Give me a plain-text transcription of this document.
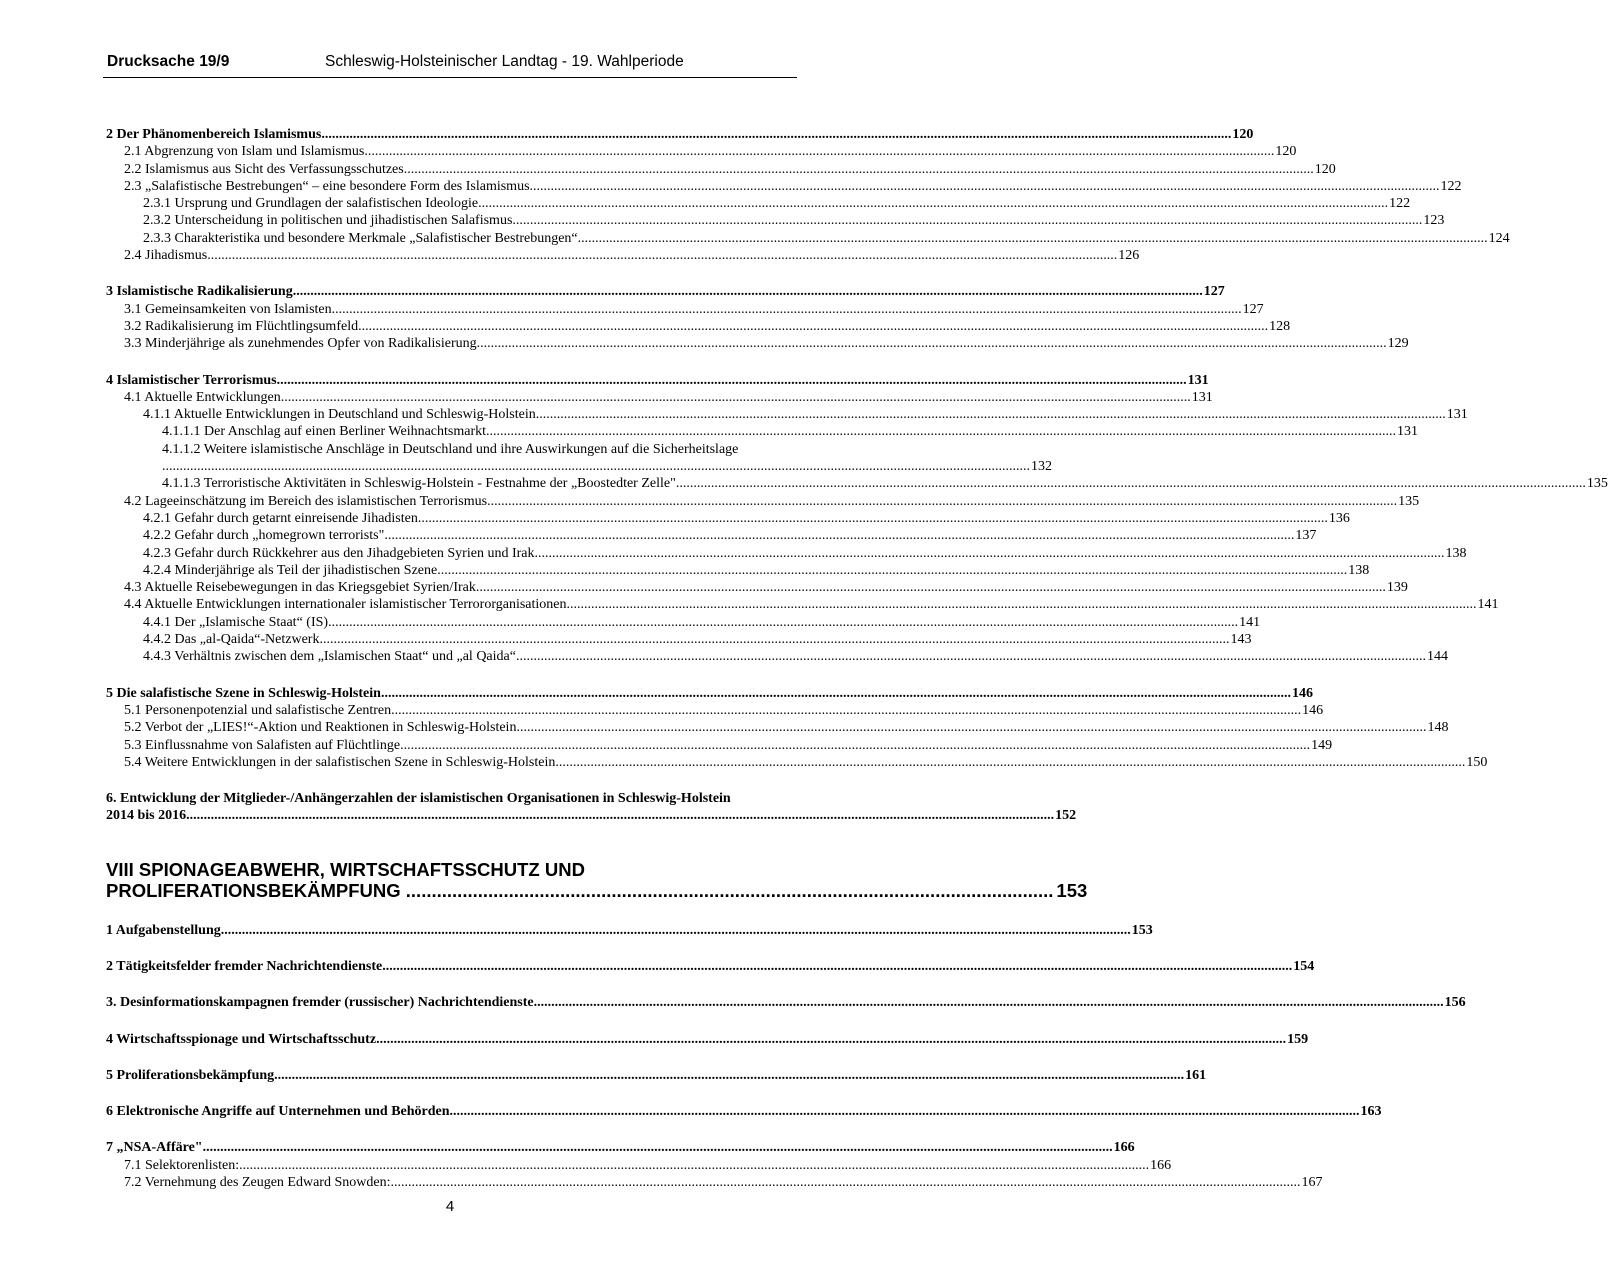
Drucksache 19/9	Schleswig-Holsteinischer Landtag - 19. Wahlperiode
2 Der Phänomenbereich Islamismus .................................................................................................................................................................................................................................................................... 120
2.1 Abgrenzung von Islam und Islamismus .................................................................................................................................................................................................................................................................... 120
2.2 Islamismus aus Sicht des Verfassungsschutzes .................................................................................................................................................................................................................................................................... 120
2.3 „Salafistische Bestrebungen“ – eine besondere Form des Islamismus .................................................................................................................................................................................................................................................................... 122
2.3.1 Ursprung und Grundlagen der salafistischen Ideologie .................................................................................................................................................................................................................................................................... 122
2.3.2 Unterscheidung in politischen und jihadistischen Salafismus .................................................................................................................................................................................................................................................................... 123
2.3.3 Charakteristika und besondere Merkmale „Salafistischer Bestrebungen“ .................................................................................................................................................................................................................................................................... 124
2.4 Jihadismus .................................................................................................................................................................................................................................................................... 126
3 Islamistische Radikalisierung .................................................................................................................................................................................................................................................................... 127
3.1 Gemeinsamkeiten von Islamisten .................................................................................................................................................................................................................................................................... 127
3.2 Radikalisierung im Flüchtlingsumfeld .................................................................................................................................................................................................................................................................... 128
3.3 Minderjährige als zunehmendes Opfer von Radikalisierung .................................................................................................................................................................................................................................................................... 129
4 Islamistischer Terrorismus .................................................................................................................................................................................................................................................................... 131
4.1 Aktuelle Entwicklungen .................................................................................................................................................................................................................................................................... 131
4.1.1 Aktuelle Entwicklungen in Deutschland und Schleswig-Holstein .................................................................................................................................................................................................................................................................... 131
4.1.1.1 Der Anschlag auf einen Berliner Weihnachtsmarkt .................................................................................................................................................................................................................................................................... 131
4.1.1.2 Weitere islamistische Anschläge in Deutschland und ihre Auswirkungen auf die Sicherheitslage
........................................................................................................................................................................................................................................................ 132
4.1.1.3 Terroristische Aktivitäten in Schleswig-Holstein - Festnahme der „Boostedter Zelle" .................................................................................................................................................................................................................................................................... 135
4.2 Lageeinschätzung im Bereich des islamistischen Terrorismus .................................................................................................................................................................................................................................................................... 135
4.2.1 Gefahr durch getarnt einreisende Jihadisten .................................................................................................................................................................................................................................................................... 136
4.2.2 Gefahr durch „homegrown terrorists" .................................................................................................................................................................................................................................................................... 137
4.2.3 Gefahr durch Rückkehrer aus den Jihadgebieten Syrien und Irak .................................................................................................................................................................................................................................................................... 138
4.2.4 Minderjährige als Teil der jihadistischen Szene .................................................................................................................................................................................................................................................................... 138
4.3 Aktuelle Reisebewegungen in das Kriegsgebiet Syrien/Irak .................................................................................................................................................................................................................................................................... 139
4.4 Aktuelle Entwicklungen internationaler islamistischer Terrororganisationen .................................................................................................................................................................................................................................................................... 141
4.4.1 Der „Islamische Staat“ (IS) .................................................................................................................................................................................................................................................................... 141
4.4.2 Das „al-Qaida“-Netzwerk .................................................................................................................................................................................................................................................................... 143
4.4.3 Verhältnis zwischen dem „Islamischen Staat“ und „al Qaida“ .................................................................................................................................................................................................................................................................... 144
5 Die salafistische Szene in Schleswig-Holstein .................................................................................................................................................................................................................................................................... 146
5.1 Personenpotenzial und salafistische Zentren .................................................................................................................................................................................................................................................................... 146
5.2 Verbot der „LIES!“-Aktion und Reaktionen in Schleswig-Holstein .................................................................................................................................................................................................................................................................... 148
5.3 Einflussnahme von Salafisten auf Flüchtlinge .................................................................................................................................................................................................................................................................... 149
5.4 Weitere Entwicklungen in der salafistischen Szene in Schleswig-Holstein .................................................................................................................................................................................................................................................................... 150
6. Entwicklung der Mitglieder-/Anhängerzahlen der islamistischen Organisationen in Schleswig-Holstein
2014 bis 2016 ........................................................................................................................................................................................................................................................ 152
VIII SPIONAGEABWEHR, WIRTSCHAFTSSCHUTZ UND
PROLIFERATIONSBEKÄMPFUNG .............................................................................................................................. 153
1 Aufgabenstellung .................................................................................................................................................................................................................................................................... 153
2 Tätigkeitsfelder fremder Nachrichtendienste .................................................................................................................................................................................................................................................................... 154
3. Desinformationskampagnen fremder (russischer) Nachrichtendienste .................................................................................................................................................................................................................................................................... 156
4 Wirtschaftsspionage und Wirtschaftsschutz .................................................................................................................................................................................................................................................................... 159
5 Proliferationsbekämpfung .................................................................................................................................................................................................................................................................... 161
6 Elektronische Angriffe auf Unternehmen und Behörden .................................................................................................................................................................................................................................................................... 163
7 „NSA-Affäre" .................................................................................................................................................................................................................................................................... 166
7.1 Selektorenlisten: .................................................................................................................................................................................................................................................................... 166
7.2 Vernehmung des Zeugen Edward Snowden: .................................................................................................................................................................................................................................................................... 167
4
